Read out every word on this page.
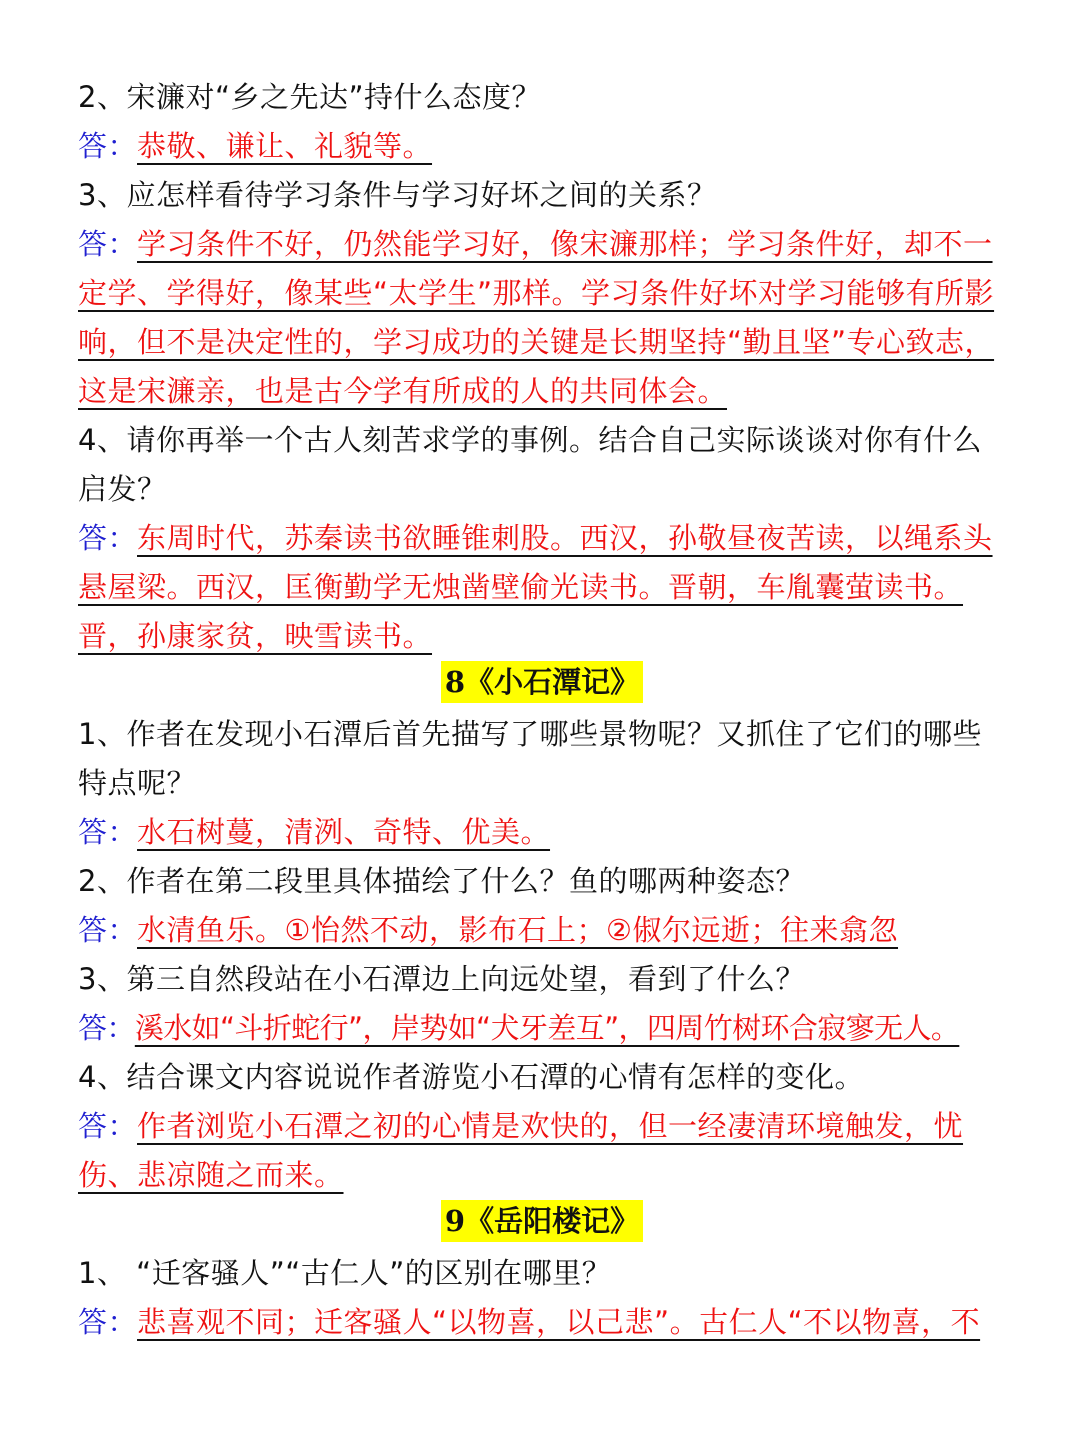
2、宋濂对“乡之先达”持什么态度？

答：恭敬、谦让、礼貌等。

3、应怎样看待学习条件与学习好坏之间的关系？

答：学习条件不好，仍然能学习好，像宋濂那样；学习条件好，却不一定学、学得好，像某些“太学生”那样。学习条件好坏对学习能够有所影响，但不是决定性的，学习成功的关键是长期坚持“勤且坚”专心致志，这是宋濂亲，也是古今学有所成的人的共同体会。

4、请你再举一个古人刻苦求学的事例。结合自己实际谈谈对你有什么启发？

答：东周时代，苏秦读书欲睡锥刺股。西汉，孙敬昼夜苦读，以绳系头悬屋梁。西汉，匡衡勤学无烛凿壁偷光读书。晋朝，车胤囊萤读书。晋，孙康家贫，映雪读书。

8《小石潭记》

1、作者在发现小石潭后首先描写了哪些景物呢？又抓住了它们的哪些特点呢？

答：水石树蔓，清洌、奇特、优美。

2、作者在第二段里具体描绘了什么？鱼的哪两种姿态？

答：水清鱼乐。①怡然不动，影布石上；②俶尔远逝；往来翕忽

3、第三自然段站在小石潭边上向远处望，看到了什么？

答：溪水如“斗折蛇行”，岸势如“犬牙差互”，四周竹树环合寂寥无人。

4、结合课文内容说说作者游览小石潭的心情有怎样的变化。

答：作者浏览小石潭之初的心情是欢快的，但一经凄清环境触发，忧伤、悲凉随之而来。

9《岳阳楼记》

1、 “迁客骚人”“古仁人”的区别在哪里？

答：悲喜观不同；迁客骚人“以物喜，以己悲”。古仁人“不以物喜，不
